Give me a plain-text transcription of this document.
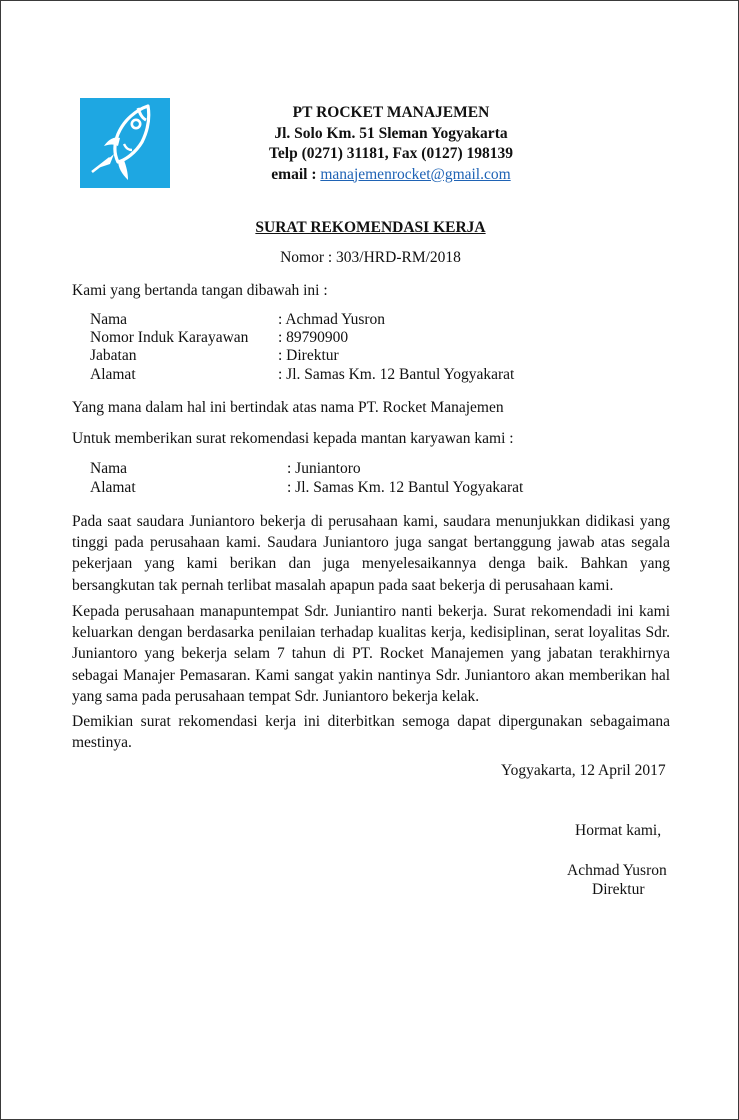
PT ROCKET MANAJEMEN
Jl. Solo Km. 51 Sleman Yogyakarta
Telp (0271) 31181, Fax (0127) 198139
email : manajemenrocket@gmail.com
SURAT REKOMENDASI KERJA
Nomor : 303/HRD-RM/2018
Kami yang bertanda tangan dibawah ini :
Nama	: Achmad Yusron
Nomor Induk Karayawan : 89790900
Jabatan	: Direktur
Alamat	: Jl. Samas Km. 12 Bantul Yogyakarat
Yang mana dalam hal ini bertindak atas nama PT. Rocket Manajemen
Untuk memberikan surat rekomendasi kepada mantan karyawan kami :
Nama	: Juniantoro
Alamat	: Jl. Samas Km. 12 Bantul Yogyakarat
Pada saat saudara Juniantoro bekerja di perusahaan kami, saudara menunjukkan didikasi yang tinggi pada perusahaan kami. Saudara Juniantoro juga sangat bertanggung jawab atas segala pekerjaan yang kami berikan dan juga menyelesaikannya denga baik. Bahkan yang bersangkutan tak pernah terlibat masalah apapun pada saat bekerja di perusahaan kami.
Kepada perusahaan manapuntempat Sdr. Juniantiro nanti bekerja. Surat rekomendadi ini kami keluarkan dengan berdasarka penilaian terhadap kualitas kerja, kedisiplinan, serat loyalitas Sdr. Juniantoro yang bekerja selam 7 tahun di PT. Rocket Manajemen yang jabatan terakhirnya sebagai Manajer Pemasaran. Kami sangat yakin nantinya Sdr. Juniantoro akan memberikan hal yang sama pada perusahaan tempat Sdr. Juniantoro bekerja kelak.
Demikian surat rekomendasi kerja ini diterbitkan semoga dapat dipergunakan sebagaimana mestinya.
Yogyakarta, 12 April 2017
Hormat kami,
Achmad Yusron
Direktur
